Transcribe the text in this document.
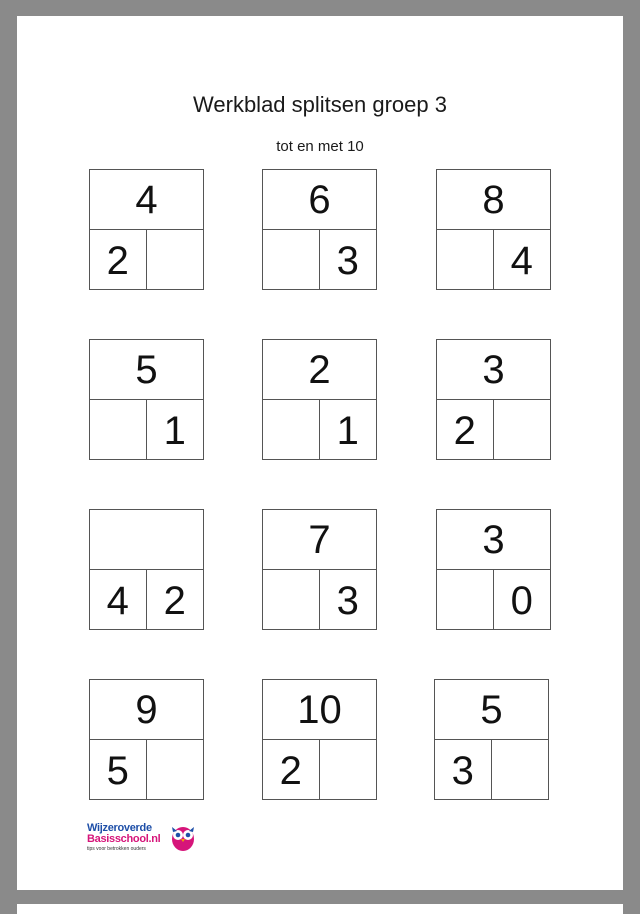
Werkblad splitsen groep 3
tot en met 10
4
2
6
3
8
4
5
1
2
1
3
2
4 2
7
3
3
0
9
5
10
2
5
3
Wijzeroverde
Basisschool.nl
tips voor betrokken ouders
